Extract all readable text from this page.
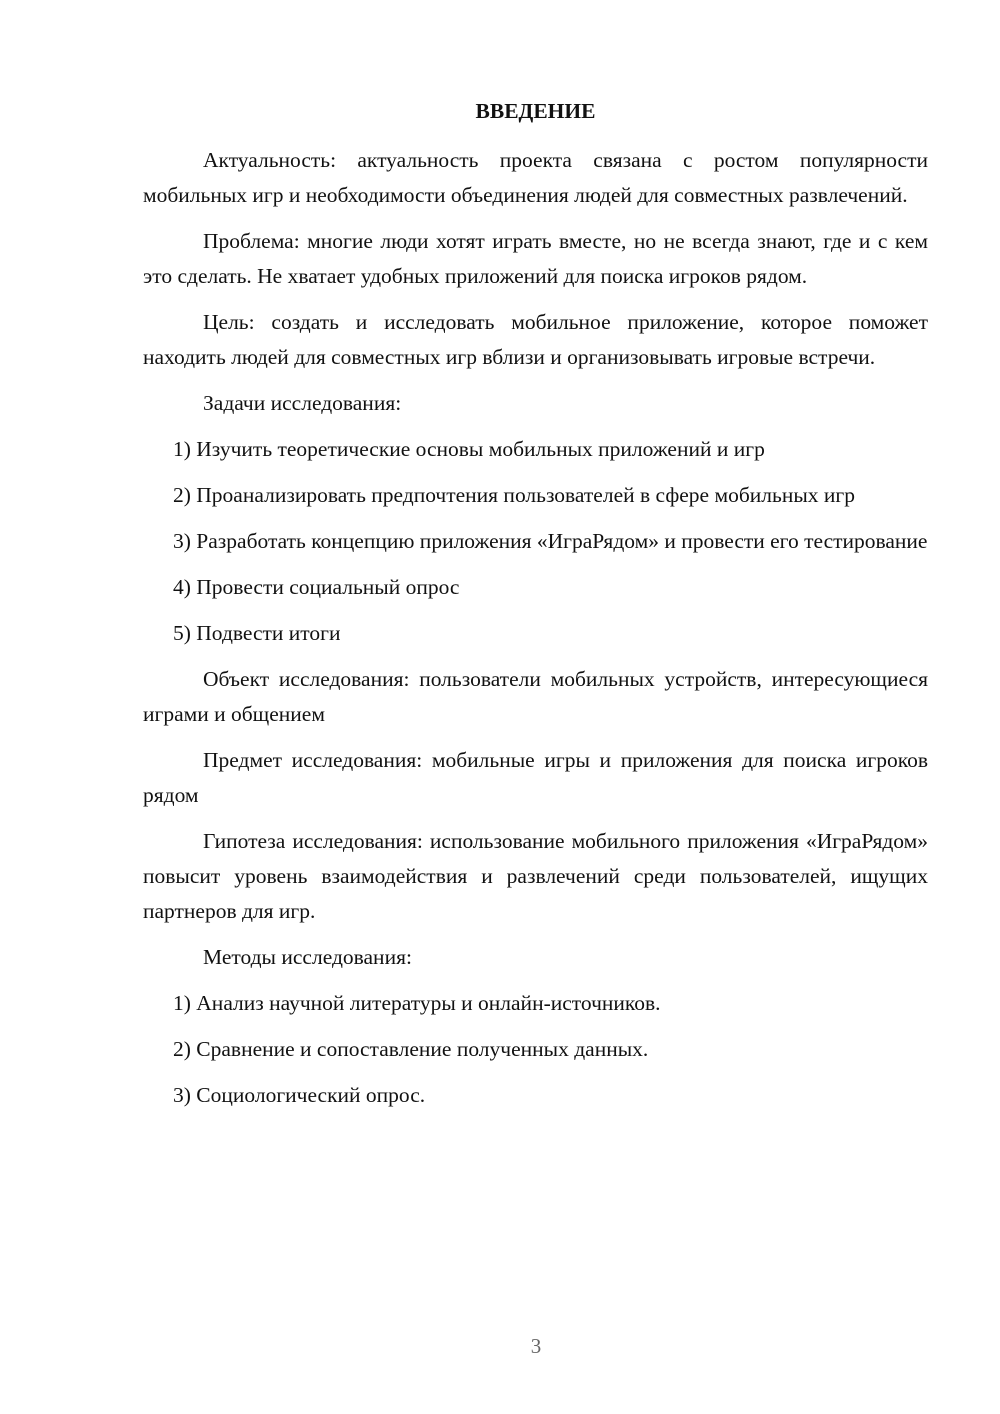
ВВЕДЕНИЕ

Актуальность: актуальность проекта связана с ростом популярности мобильных игр и необходимости объединения людей для совместных развлечений.

Проблема: многие люди хотят играть вместе, но не всегда знают, где и с кем это сделать. Не хватает удобных приложений для поиска игроков рядом.

Цель: создать и исследовать мобильное приложение, которое поможет находить людей для совместных игр вблизи и организовывать игровые встречи.

Задачи исследования:

1) Изучить теоретические основы мобильных приложений и игр

2) Проанализировать предпочтения пользователей в сфере мобильных игр

3) Разработать концепцию приложения «ИграРядом» и провести его тестирование

4) Провести социальный опрос

5) Подвести итоги

Объект исследования: пользователи мобильных устройств, интересующиеся играми и общением

Предмет исследования: мобильные игры и приложения для поиска игроков рядом

Гипотеза исследования: использование мобильного приложения «ИграРядом» повысит уровень взаимодействия и развлечений среди пользователей, ищущих партнеров для игр.

Методы исследования:

1) Анализ научной литературы и онлайн-источников.

2) Сравнение и сопоставление полученных данных.

3) Социологический опрос.

3
